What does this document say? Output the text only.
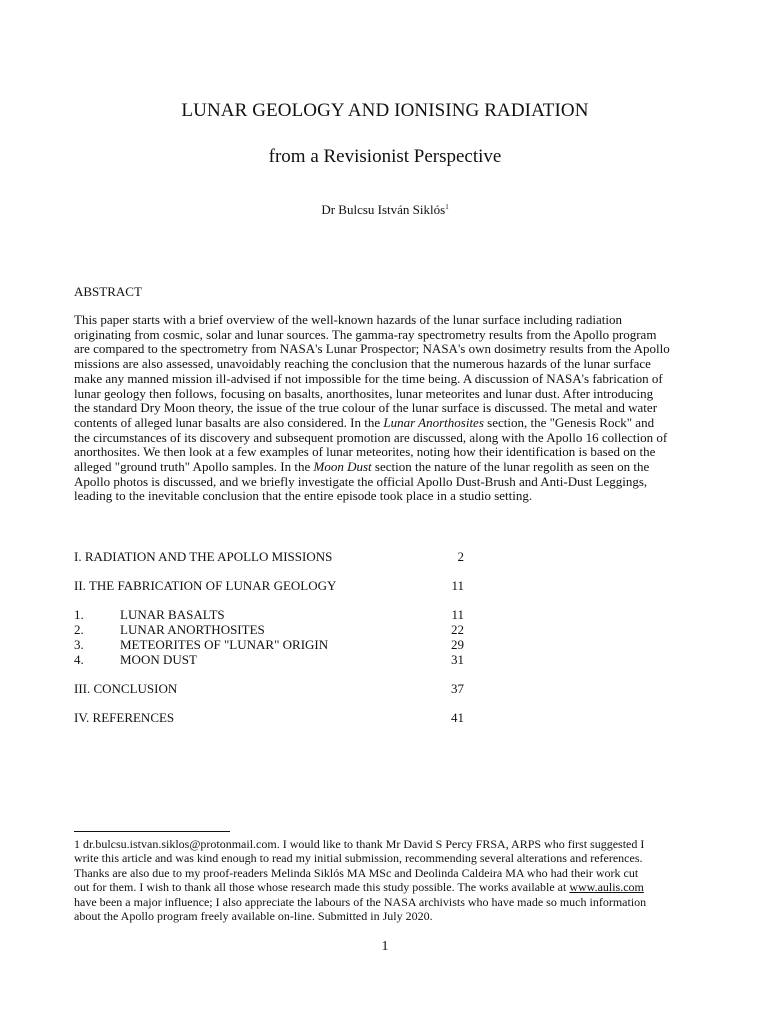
LUNAR GEOLOGY AND IONISING RADIATION
from a Revisionist Perspective
Dr Bulcsu István Siklós$^1$
ABSTRACT

This paper starts with a brief overview of the well-known hazards of the lunar surface including radiation

originating from cosmic, solar and lunar sources. The gamma-ray spectrometry results from the Apollo program

are compared to the spectrometry from NASA's Lunar Prospector; NASA's own dosimetry results from the Apollo

missions are also assessed, unavoidably reaching the conclusion that the numerous hazards of the lunar surface

make any manned mission ill-advised if not impossible for the time being. A discussion of NASA's fabrication of

lunar geology then follows, focusing on basalts, anorthosites, lunar meteorites and lunar dust. After introducing

the standard Dry Moon theory, the issue of the true colour of the lunar surface is discussed. The metal and water

contents of alleged lunar basalts are also considered. In the Lunar Anorthosites section, the "Genesis Rock" and

the circumstances of its discovery and subsequent promotion are discussed, along with the Apollo 16 collection of

anorthosites. We then look at a few examples of lunar meteorites, noting how their identification is based on the

alleged "ground truth" Apollo samples. In the Moon Dust section the nature of the lunar regolith as seen on the

Apollo photos is discussed, and we briefly investigate the official Apollo Dust-Brush and Anti-Dust Leggings,

leading to the inevitable conclusion that the entire episode took place in a studio setting.

I. RADIATION AND THE APOLLO MISSIONS	2
II. THE FABRICATION OF LUNAR GEOLOGY	11
1.	LUNAR BASALTS	11
2.	LUNAR ANORTHOSITES	22
3.	METEORITES OF "LUNAR" ORIGIN	29
4.	MOON DUST	31
III. CONCLUSION	37
IV. REFERENCES	41

1 dr.bulcsu.istvan.siklos@protonmail.com. I would like to thank Mr David S Percy FRSA, ARPS who first suggested I

write this article and was kind enough to read my initial submission, recommending several alterations and references.

Thanks are also due to my proof-readers Melinda Siklós MA MSc and Deolinda Caldeira MA who had their work cut

out for them. I wish to thank all those whose research made this study possible. The works available at www.aulis.com

have been a major influence; I also appreciate the labours of the NASA archivists who have made so much information

about the Apollo program freely available on-line. Submitted in July 2020.

1
